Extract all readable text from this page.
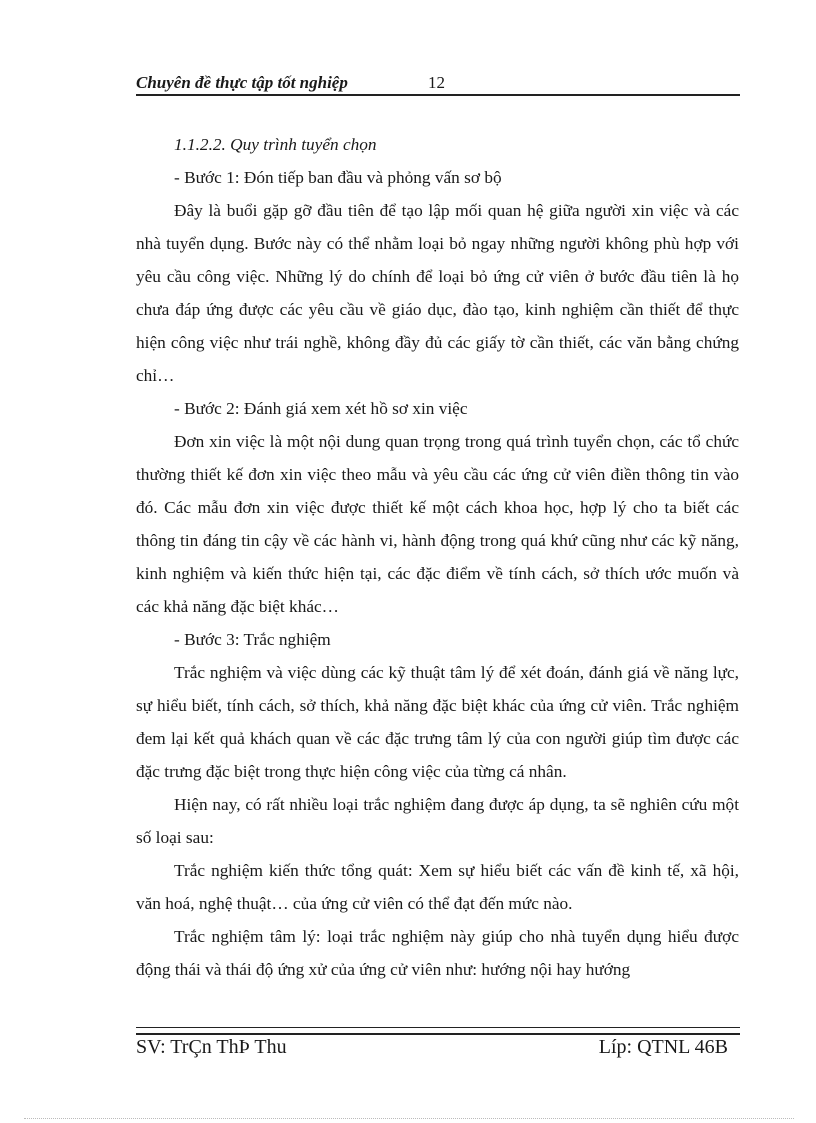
Chuyên đề thực tập tốt nghiệp	12

1.1.2.2. Quy trình tuyển chọn

- Bước 1: Đón tiếp ban đầu và phỏng vấn sơ bộ

Đây là buổi gặp gỡ đầu tiên để tạo lập mối quan hệ giữa người xin việc và các nhà tuyển dụng. Bước này có thể nhằm loại bỏ ngay những người không phù hợp với yêu cầu công việc. Những lý do chính để loại bỏ ứng cử viên ở bước đầu tiên là họ chưa đáp ứng được các yêu cầu về giáo dục, đào tạo, kinh nghiệm cần thiết để thực hiện công việc như trái nghề, không đầy đủ các giấy tờ cần thiết, các văn bằng chứng chỉ…

- Bước 2: Đánh giá xem xét hồ sơ xin việc

Đơn xin việc là một nội dung quan trọng trong quá trình tuyển chọn, các tổ chức thường thiết kế đơn xin việc theo mẫu và yêu cầu các ứng cử viên điền thông tin vào đó. Các mẫu đơn xin việc được thiết kế một cách khoa học, hợp lý cho ta biết các thông tin đáng tin cậy về các hành vi, hành động trong quá khứ cũng như các kỹ năng, kinh nghiệm và kiến thức hiện tại, các đặc điểm về tính cách, sở thích ước muốn và các khả năng đặc biệt khác…

- Bước 3: Trắc nghiệm

Trắc nghiệm và việc dùng các kỹ thuật tâm lý để xét đoán, đánh giá về năng lực, sự hiểu biết, tính cách, sở thích, khả năng đặc biệt khác của ứng cử viên. Trắc nghiệm đem lại kết quả khách quan về các đặc trưng tâm lý của con người giúp tìm được các đặc trưng đặc biệt trong thực hiện công việc của từng cá nhân.

Hiện nay, có rất nhiều loại trắc nghiệm đang được áp dụng, ta sẽ nghiên cứu một số loại sau:

Trắc nghiệm kiến thức tổng quát: Xem sự hiểu biết các vấn đề kinh tế, xã hội, văn hoá, nghệ thuật… của ứng cử viên có thể đạt đến mức nào.

Trắc nghiệm tâm lý: loại trắc nghiệm này giúp cho nhà tuyển dụng hiểu được động thái và thái độ ứng xử của ứng cử viên như: hướng nội hay hướng

SV: TrÇn ThÞ Thu	Líp: QTNL 46B
